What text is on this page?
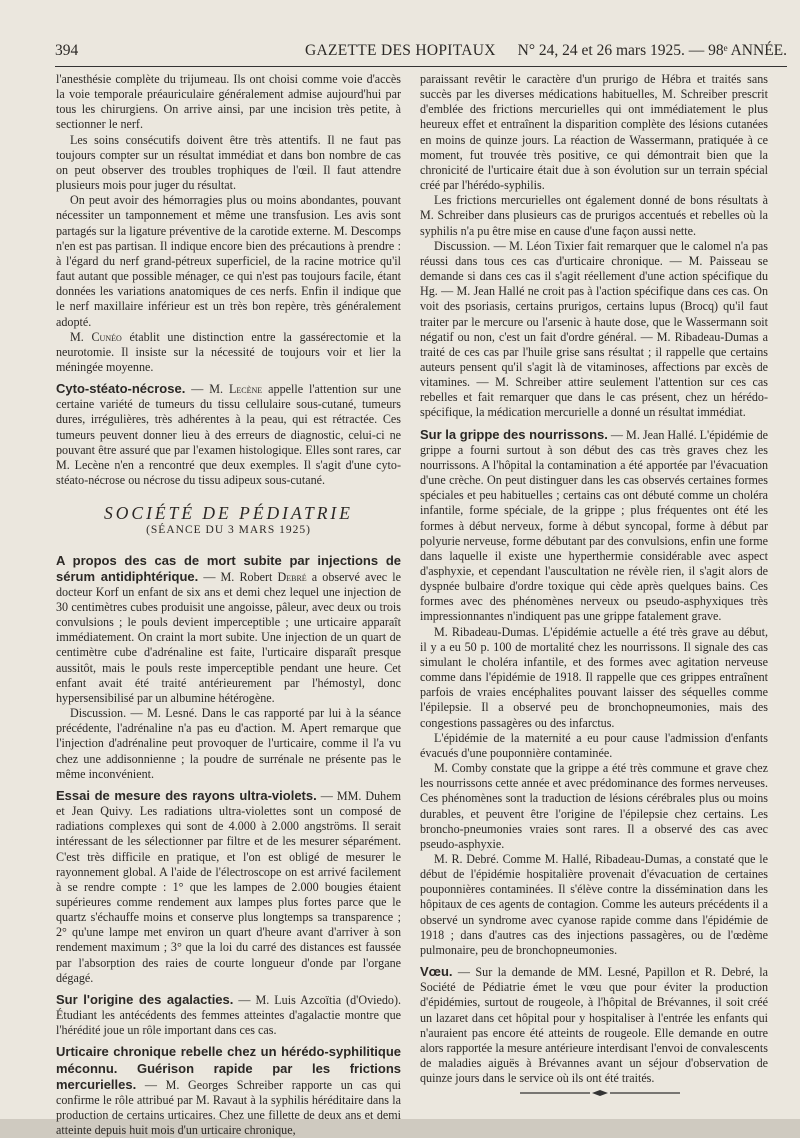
394	GAZETTE DES HOPITAUX N° 24, 24 et 26 mars 1925. — 98ᵉ ANNÉE.

l'anesthésie complète du trijumeau. Ils ont choisi comme voie d'accès la voie temporale préauriculaire généralement admise aujourd'hui par tous les chirurgiens. On arrive ainsi, par une incision très petite, à sectionner le nerf.

Les soins consécutifs doivent être très attentifs. Il ne faut pas toujours compter sur un résultat immédiat et dans bon nombre de cas on peut observer des troubles trophiques de l'œil. Il faut attendre plusieurs mois pour juger du résultat.

On peut avoir des hémorragies plus ou moins abondantes, pouvant nécessiter un tamponnement et même une transfusion. Les avis sont partagés sur la ligature préventive de la carotide externe. M. Descomps n'en est pas partisan. Il indique encore bien des précautions à prendre : à l'égard du nerf grand-pétreux superficiel, de la racine motrice qu'il faut autant que possible ménager, ce qui n'est pas toujours facile, étant données les variations anatomiques de ces nerfs. Enfin il indique que le nerf maxillaire inférieur est un très bon repère, très généralement adopté.

M. Cunéo établit une distinction entre la gassérectomie et la neurotomie. Il insiste sur la nécessité de toujours voir et lier la méningée moyenne.

Cyto-stéato-nécrose. — M. Lecène appelle l'attention sur une certaine variété de tumeurs du tissu cellulaire sous-cutané, tumeurs dures, irrégulières, très adhérentes à la peau, qui est rétractée. Ces tumeurs peuvent donner lieu à des erreurs de diagnostic, celui-ci ne pouvant être assuré que par l'examen histologique. Elles sont rares, car M. Lecène n'en a rencontré que deux exemples. Il s'agit d'une cyto-stéato-nécrose ou nécrose du tissu adipeux sous-cutané.

SOCIÉTÉ DE PÉDIATRIE
(SÉANCE DU 3 MARS 1925)

A propos des cas de mort subite par injections de sérum antidiphtérique. — M. Robert Debré a observé avec le docteur Korf un enfant de six ans et demi chez lequel une injection de 30 centimètres cubes produisit une angoisse, pâleur, avec deux ou trois convulsions ; le pouls devient imperceptible ; une urticaire apparaît immédiatement. On craint la mort subite. Une injection de un quart de centimètre cube d'adrénaline est faite, l'urticaire disparaît presque aussitôt, mais le pouls reste imperceptible pendant une heure. Cet enfant avait été traité antérieurement par l'hémostyl, donc hypersensibilisé par un albumine hétérogène.

Discussion. — M. Lesné. Dans le cas rapporté par lui à la séance précédente, l'adrénaline n'a pas eu d'action. M. Apert remarque que l'injection d'adrénaline peut provoquer de l'urticaire, comme il l'a vu chez une addisonnienne ; la poudre de surrénale ne présente pas le même inconvénient.

Essai de mesure des rayons ultra-violets. — MM. Duhem et Jean Quivy. Les radiations ultra-violettes sont un composé de radiations complexes qui sont de 4.000 à 2.000 angströms. Il serait intéressant de les sélectionner par filtre et de les mesurer séparément. C'est très difficile en pratique, et l'on est obligé de mesurer le rayonnement global. A l'aide de l'électroscope on est arrivé facilement à se rendre compte : 1° que les lampes de 2.000 bougies étaient supérieures comme rendement aux lampes plus fortes parce que le quartz s'échauffe moins et conserve plus longtemps sa transparence ; 2° qu'une lampe met environ un quart d'heure avant d'arriver à son rendement maximum ; 3° que la loi du carré des distances est faussée par l'absorption des raies de courte longueur d'onde par l'organe dégagé.

Sur l'origine des agalacties. — M. Luis Azcoïtia (d'Oviedo). Étudiant les antécédents des femmes atteintes d'agalactie montre que l'hérédité joue un rôle important dans ces cas.

Urticaire chronique rebelle chez un hérédo-syphilitique méconnu. Guérison rapide par les frictions mercurielles. — M. Georges Schreiber rapporte un cas qui confirme le rôle attribué par M. Ravaut à la syphilis héréditaire dans la production de certains urticaires. Chez une fillette de deux ans et demi atteinte depuis huit mois d'un urticaire chronique,

paraissant revêtir le caractère d'un prurigo de Hébra et traités sans succès par les diverses médications habituelles, M. Schreiber prescrit d'emblée des frictions mercurielles qui ont immédiatement le plus heureux effet et entraînent la disparition complète des lésions cutanées en moins de quinze jours. La réaction de Wassermann, pratiquée à ce moment, fut trouvée très positive, ce qui démontrait bien que la chronicité de l'urticaire était due à son évolution sur un terrain spécial créé par l'hérédo-syphilis.

Les frictions mercurielles ont également donné de bons résultats à M. Schreiber dans plusieurs cas de prurigos accentués et rebelles où la syphilis n'a pu être mise en cause d'une façon aussi nette.

Discussion. — M. Léon Tixier fait remarquer que le calomel n'a pas réussi dans tous ces cas d'urticaire chronique. — M. Paisseau se demande si dans ces cas il s'agit réellement d'une action spécifique du Hg. — M. Jean Hallé ne croit pas à l'action spécifique dans ces cas. On voit des psoriasis, certains prurigos, certains lupus (Brocq) qu'il faut traiter par le mercure ou l'arsenic à haute dose, que le Wassermann soit négatif ou non, c'est un fait d'ordre général. — M. Ribadeau-Dumas a traité de ces cas par l'huile grise sans résultat ; il rappelle que certains auteurs pensent qu'il s'agit là de vitaminoses, affections par excès de vitamines. — M. Schreiber attire seulement l'attention sur ces cas rebelles et fait remarquer que dans le cas présent, chez un hérédo-spécifique, la médication mercurielle a donné un résultat immédiat.

Sur la grippe des nourrissons. — M. Jean Hallé. L'épidémie de grippe a fourni surtout à son début des cas très graves chez les nourrissons. A l'hôpital la contamination a été apportée par l'évacuation d'une crèche. On peut distinguer dans les cas observés certaines formes spéciales et peu habituelles ; certains cas ont débuté comme un choléra infantile, forme spéciale, de la grippe ; plus fréquentes ont été les formes à début nerveux, forme à début syncopal, forme à début par polyurie nerveuse, forme débutant par des convulsions, enfin une forme dans laquelle il existe une hyperthermie considérable avec aspect d'asphyxie, et cependant l'auscultation ne révèle rien, il s'agit alors de dyspnée bulbaire d'ordre toxique qui cède après quelques bains. Ces formes avec des phénomènes nerveux ou pseudo-asphyxiques très impressionnantes n'indiquent pas une grippe fatalement grave.

M. Ribadeau-Dumas. L'épidémie actuelle a été très grave au début, il y a eu 50 p. 100 de mortalité chez les nourrissons. Il signale des cas simulant le choléra infantile, et des formes avec agitation nerveuse comme dans l'épidémie de 1918. Il rappelle que ces grippes entraînent parfois de vraies encéphalites pouvant laisser des séquelles comme l'épilepsie. Il a observé peu de bronchopneumonies, mais des congestions passagères ou des infarctus.

L'épidémie de la maternité a eu pour cause l'admission d'enfants évacués d'une pouponnière contaminée.

M. Comby constate que la grippe a été très commune et grave chez les nourrissons cette année et avec prédominance des formes nerveuses. Ces phénomènes sont la traduction de lésions cérébrales plus ou moins durables, et peuvent être l'origine de l'épilepsie chez certains. Les broncho-pneumonies vraies sont rares. Il a observé des cas avec pseudo-asphyxie.

M. R. Debré. Comme M. Hallé, Ribadeau-Dumas, a constaté que le début de l'épidémie hospitalière provenait d'évacuation de certaines pouponnières contaminées. Il s'élève contre la dissémination dans les hôpitaux de ces agents de contagion. Comme les auteurs précédents il a observé un syndrome avec cyanose rapide comme dans l'épidémie de 1918 ; dans d'autres cas des injections passagères, ou de l'œdème pulmonaire, peu de bronchopneumonies.

Vœu. — Sur la demande de MM. Lesné, Papillon et R. Debré, la Société de Pédiatrie émet le vœu que pour éviter la production d'épidémies, surtout de rougeole, à l'hôpital de Brévannes, il soit créé un lazaret dans cet hôpital pour y hospitaliser à l'entrée les enfants qui n'auraient pas encore été atteints de rougeole. Elle demande en outre alors rapportée la mesure antérieure interdisant l'envoi de convalescents de maladies aiguës à Brévannes avant un séjour d'observation de quinze jours dans le service où ils ont été traités.
